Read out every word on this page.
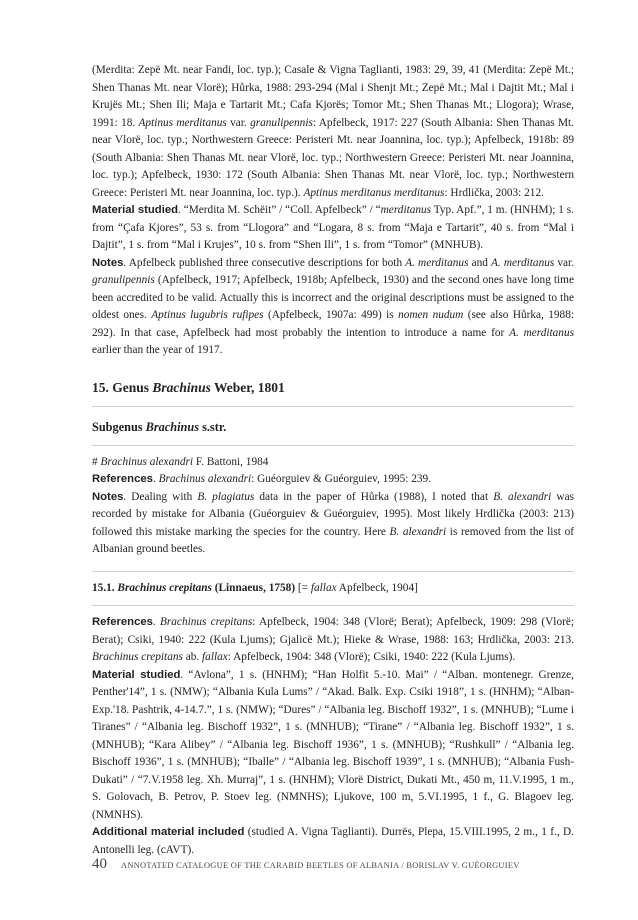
(Merdita: Zepë Mt. near Fandi, loc. typ.); Casale & Vigna Taglianti, 1983: 29, 39, 41 (Merdita: Zepë Mt.; Shen Thanas Mt. near Vlorë); Hůrka, 1988: 293-294 (Mal i Shenjt Mt.; Zepë Mt.; Mal i Dajtit Mt.; Mal i Krujës Mt.; Shen Ili; Maja e Tartarit Mt.; Cafa Kjorës; Tomor Mt.; Shen Thanas Mt.; Llogora); Wrase, 1991: 18. Aptinus merditanus var. granulipennis: Apfelbeck, 1917: 227 (South Albania: Shen Thanas Mt. near Vlorë, loc. typ.; Northwestern Greece: Peristeri Mt. near Joannina, loc. typ.); Apfelbeck, 1918b: 89 (South Albania: Shen Thanas Mt. near Vlorë, loc. typ.; Northwestern Greece: Peristeri Mt. near Joannina, loc. typ.); Apfelbeck, 1930: 172 (South Albania: Shen Thanas Mt. near Vlorë, loc. typ.; Northwestern Greece: Peristeri Mt. near Joannina, loc. typ.). Aptinus merditanus merditanus: Hrdlička, 2003: 212.

Material studied. “Merdita M. Schëit” / “Coll. Apfelbeck” / “merditanus Typ. Apf.”, 1 m. (HNHM); 1 s. from “Çafa Kjores”, 53 s. from “Llogora” and “Logara, 8 s. from “Maja e Tartarit”, 40 s. from “Mal i Dajtit”, 1 s. from “Mal i Krujes”, 10 s. from “Shen Ili”, 1 s. from “Tomor” (MNHUB).

Notes. Apfelbeck published three consecutive descriptions for both A. merditanus and A. merditanus var. granulipennis (Apfelbeck, 1917; Apfelbeck, 1918b; Apfelbeck, 1930) and the second ones have long time been accredited to be valid. Actually this is incorrect and the original descriptions must be assigned to the oldest ones. Aptinus lugubris rufipes (Apfelbeck, 1907a: 499) is nomen nudum (see also Hůrka, 1988: 292). In that case, Apfelbeck had most probably the intention to introduce a name for A. merditanus earlier than the year of 1917.

15. Genus Brachinus Weber, 1801

Subgenus Brachinus s.str.

# Brachinus alexandri F. Battoni, 1984

References. Brachinus alexandri: Guéorguiev & Guéorguiev, 1995: 239.

Notes. Dealing with B. plagiatus data in the paper of Hůrka (1988), I noted that B. alexandri was recorded by mistake for Albania (Guéorguiev & Guéorguiev, 1995). Most likely Hrdlička (2003: 213) followed this mistake marking the species for the country. Here B. alexandri is removed from the list of Albanian ground beetles.

15.1. Brachinus crepitans (Linnaeus, 1758) [= fallax Apfelbeck, 1904]

References. Brachinus crepitans: Apfelbeck, 1904: 348 (Vlorë; Berat); Apfelbeck, 1909: 298 (Vlorë; Berat); Csiki, 1940: 222 (Kula Ljums); Gjalicë Mt.); Hieke & Wrase, 1988: 163; Hrdlička, 2003: 213. Brachinus crepitans ab. fallax: Apfelbeck, 1904: 348 (Vlorë); Csiki, 1940: 222 (Kula Ljums).

Material studied. “Avlona”, 1 s. (HNHM); “Han Holfit 5.-10. Mai” / “Alban. montenegr. Grenze, Penther'14”, 1 s. (NMW); “Albania Kula Lums” / “Akad. Balk. Exp. Csiki 1918”, 1 s. (HNHM); “Alban-Exp.'18. Pashtrik, 4-14.7.”, 1 s. (NMW); “Dures” / “Albania leg. Bischoff 1932”, 1 s. (MNHUB); “Lume i Tiranes” / “Albania leg. Bischoff 1932”, 1 s. (MNHUB); “Tirane” / “Albania leg. Bischoff 1932”, 1 s. (MNHUB); “Kara Alibey” / “Albania leg. Bischoff 1936”, 1 s. (MNHUB); “Rushkull” / “Albania leg. Bischoff 1936”, 1 s. (MNHUB); “Iballe” / “Albania leg. Bischoff 1939”, 1 s. (MNHUB); “Albania Fush-Dukati” / “7.V.1958 leg. Xh. Murraj”, 1 s. (HNHM); Vlorë District, Dukati Mt., 450 m, 11.V.1995, 1 m., S. Golovach, B. Petrov, P. Stoev leg. (NMNHS); Ljukove, 100 m, 5.VI.1995, 1 f., G. Blagoev leg. (NMNHS).

Additional material included (studied A. Vigna Taglianti). Durrës, Plepa, 15.VIII.1995, 2 m., 1 f., D. Antonelli leg. (cAVT).

40 ANNOTATED CATALOGUE OF THE CARABID BEETLES OF ALBANIA / BORISLAV V. GUÉORGUIEV
